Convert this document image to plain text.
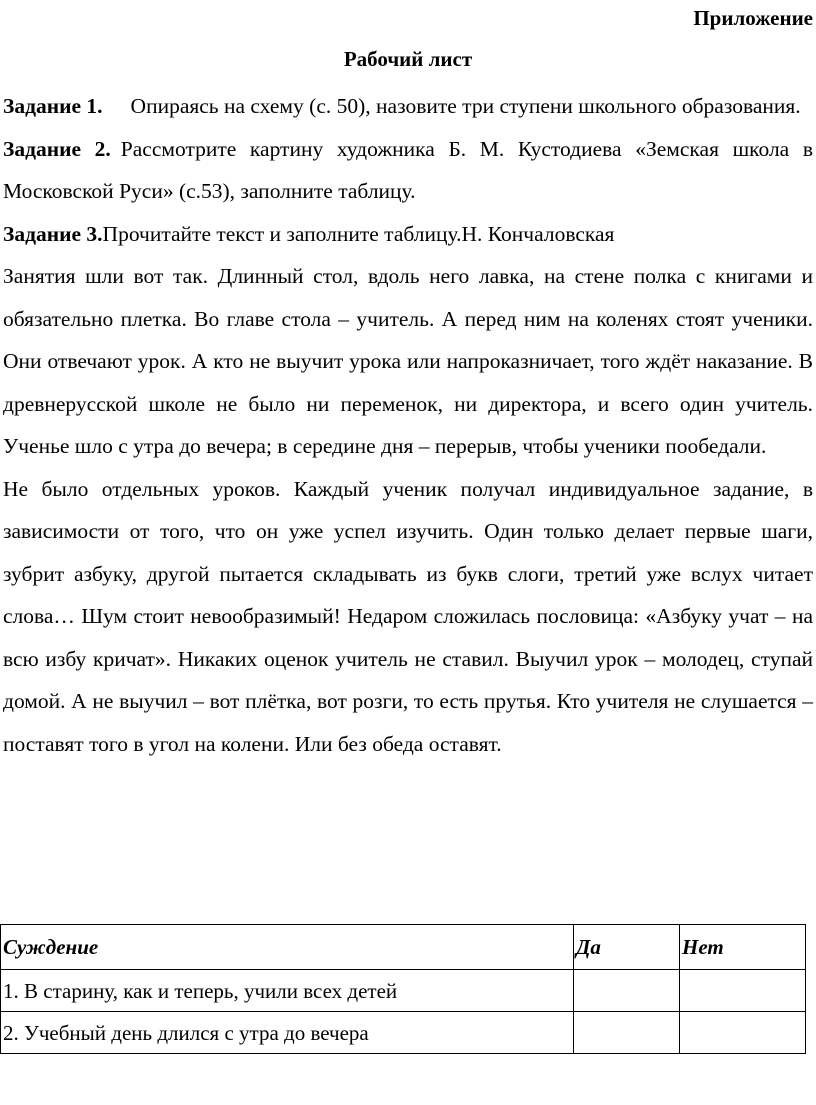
Приложение
Рабочий лист

Задание 1. Опираясь на схему (с. 50), назовите три ступени школьного образования.

Задание 2. Рассмотрите картину художника Б. М. Кустодиева «Земская школа в Московской Руси» (с.53), заполните таблицу.

Задание 3.Прочитайте текст и заполните таблицу.Н. Кончаловская

Занятия шли вот так. Длинный стол, вдоль него лавка, на стене полка с книгами и обязательно плетка. Во главе стола – учитель. А перед ним на коленях стоят ученики. Они отвечают урок. А кто не выучит урока или напроказничает, того ждёт наказание. В древнерусской школе не было ни переменок, ни директора, и всего один учитель. Ученье шло с утра до вечера; в середине дня – перерыв, чтобы ученики пообедали.

Не было отдельных уроков. Каждый ученик получал индивидуальное задание, в зависимости от того, что он уже успел изучить. Один только делает первые шаги, зубрит азбуку, другой пытается складывать из букв слоги, третий уже вслух читает слова… Шум стоит невообразимый! Недаром сложилась пословица: «Азбуку учат – на всю избу кричат». Никаких оценок учитель не ставил. Выучил урок – молодец, ступай домой. А не выучил – вот плётка, вот розги, то есть прутья. Кто учителя не слушается – поставят того в угол на колени. Или без обеда оставят.

Суждение	Да	Нет
1. В старину, как и теперь, учили всех детей		
2. Учебный день длился с утра до вечера		
